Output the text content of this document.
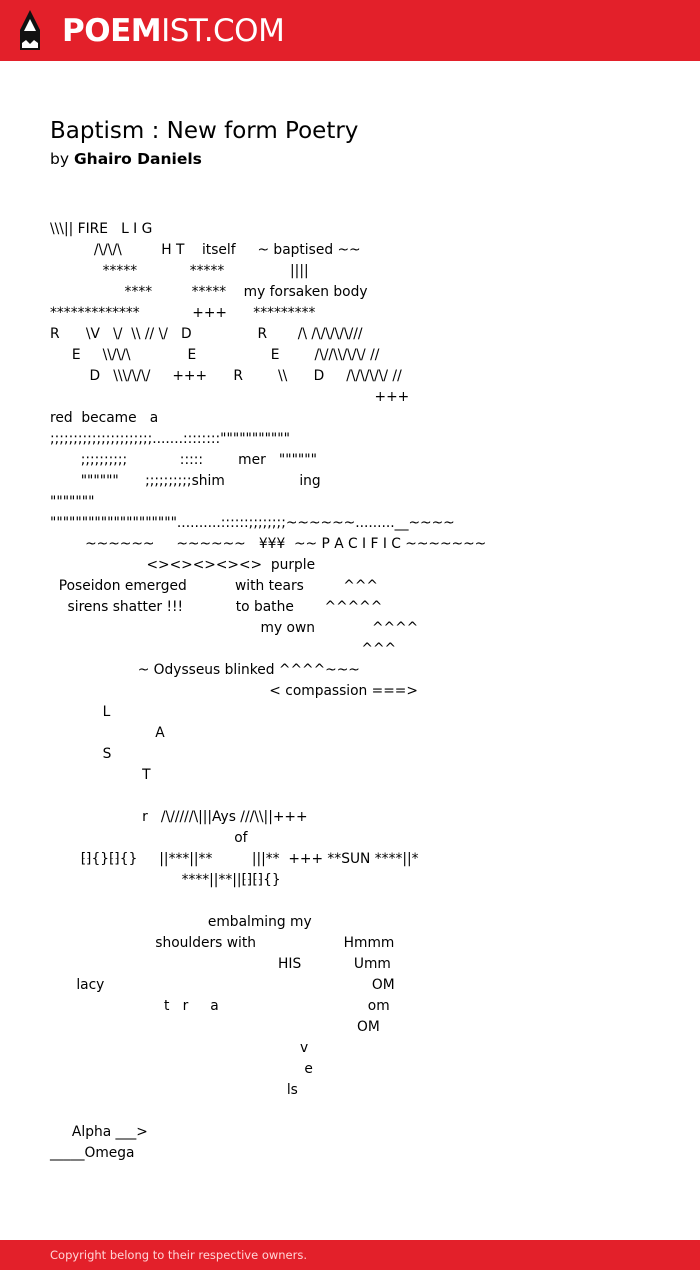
POEMIST.COM
Baptism : New form Poetry
by Ghairo Daniels
\\\|| FIRE   L I G
/\/\/\         H T    itself     ~ baptised ~~
*****            *****               ||||
****         *****    my forsaken body
*************            +++      *********
R      \V   \/  \\ // \/   D               R       /\ /\/\/\/\///
E     \\/\/\             E                 E        /\//\\/\/\/ //
D   \\\/\/\/     +++      R        \\      D     /\/\/\/\/ //
+++
red  became   a
;;;;;;;;;;;;;;;;;;;;;;.......::::::::"""""""""""
;;;;;;;;;;            :::::        mer   """"""
""""""      ;;;;;;;;;;shim                 ing
"""""""
""""""""""""""""""""..........::::::;;;;;;;;~~~~~~.........__~~~~
~~~~~~     ~~~~~~   ¥¥¥  ~~ P A C I F I C ~~~~~~~
<><><><><>  purple
Poseidon emerged           with tears         ^^^
sirens shatter !!!            to bathe       ^^^^^
my own             ^^^^
^^^
~ Odysseus blinked ^^^^~~~
< compassion ===>
L
A
S
T
r   /\/////\|||Ays ///\\||+++
of
⁅⁆{}⁅⁆{}     ||***||**         |||**  +++ **SUN ****||*
****||**||⁅⁆⁅⁆{}
embalming my
shoulders with                    Hmmm
HIS            Umm
lacy                                                             OM
t   r     a                                  om
OM
v
e
ls
Alpha ___>
_____Omega
Copyright belong to their respective owners.
